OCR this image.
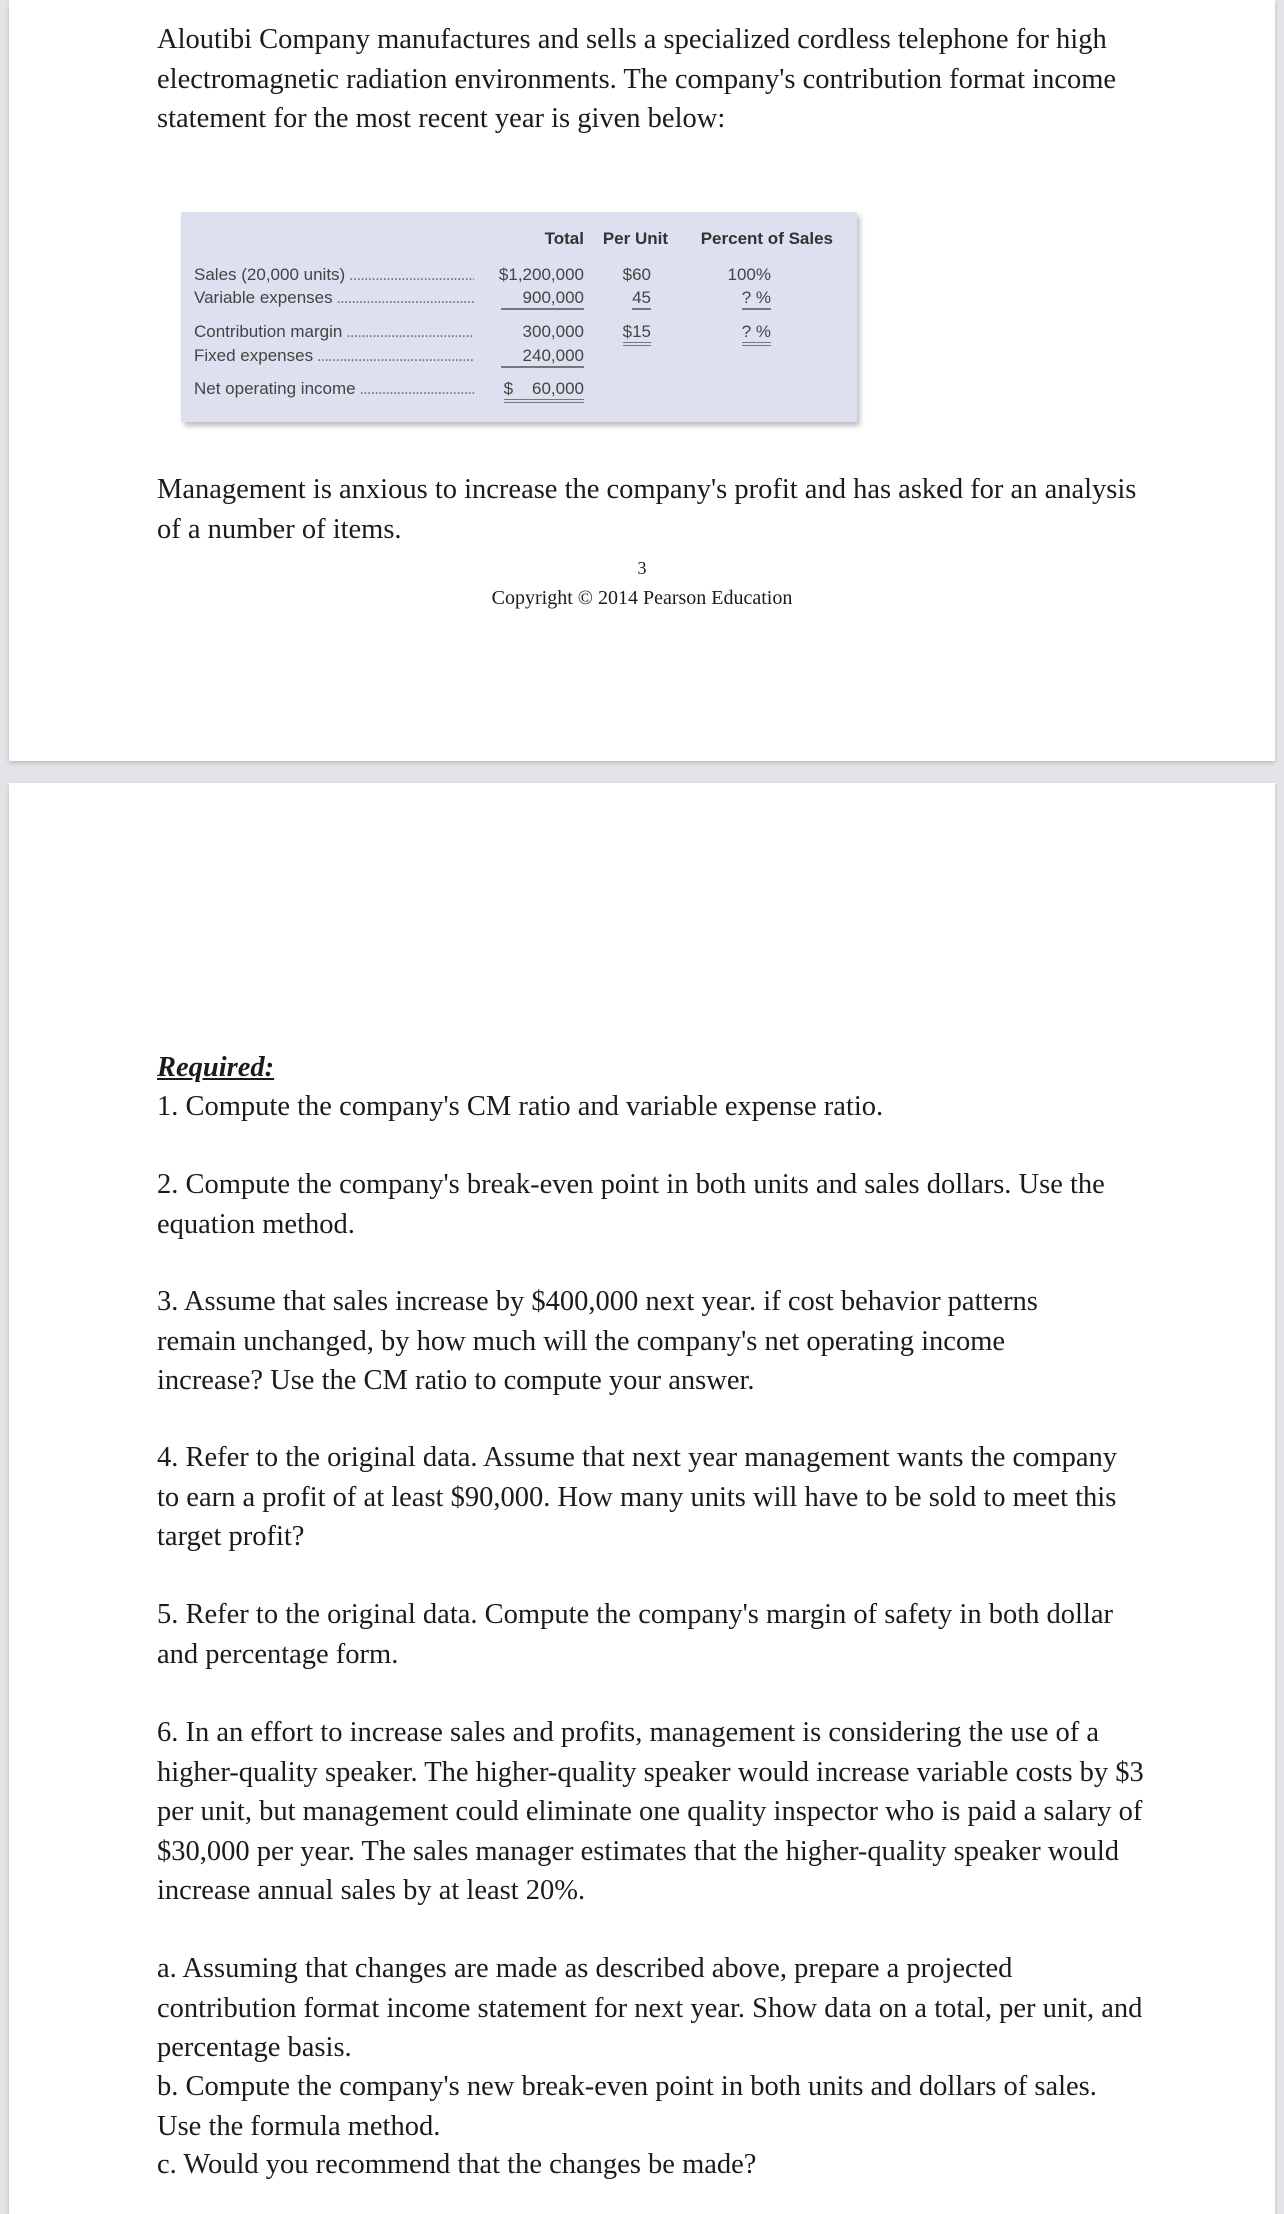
Aloutibi Company manufactures and sells a specialized cordless telephone for high electromagnetic radiation environments. The company's contribution format income statement for the most recent year is given below:
Total Per Unit Percent of Sales
Sales (20,000 units) .....	$1,200,000 $60	100%
Variable expenses .....	900,000	45	? %
Contribution margin .....	300,000 $15	? %
Fixed expenses .....	240,000
Net operating income .....	$    60,000
Management is anxious to increase the company's profit and has asked for an analysis of a number of items.
3
Copyright © 2014 Pearson Education
Required:
1. Compute the company's CM ratio and variable expense ratio.
2. Compute the company's break-even point in both units and sales dollars. Use the equation method.
3. Assume that sales increase by $400,000 next year. if cost behavior patterns remain unchanged, by how much will the company's net operating income increase? Use the CM ratio to compute your answer.
4. Refer to the original data. Assume that next year management wants the company to earn a profit of at least $90,000. How many units will have to be sold to meet this target profit?
5. Refer to the original data. Compute the company's margin of safety in both dollar and percentage form.
6. In an effort to increase sales and profits, management is considering the use of a higher-quality speaker. The higher-quality speaker would increase variable costs by $3 per unit, but management could eliminate one quality inspector who is paid a salary of $30,000 per year. The sales manager estimates that the higher-quality speaker would increase annual sales by at least 20%.
a. Assuming that changes are made as described above, prepare a projected contribution format income statement for next year. Show data on a total, per unit, and percentage basis.
b. Compute the company's new break-even point in both units and dollars of sales. Use the formula method.
c. Would you recommend that the changes be made?
